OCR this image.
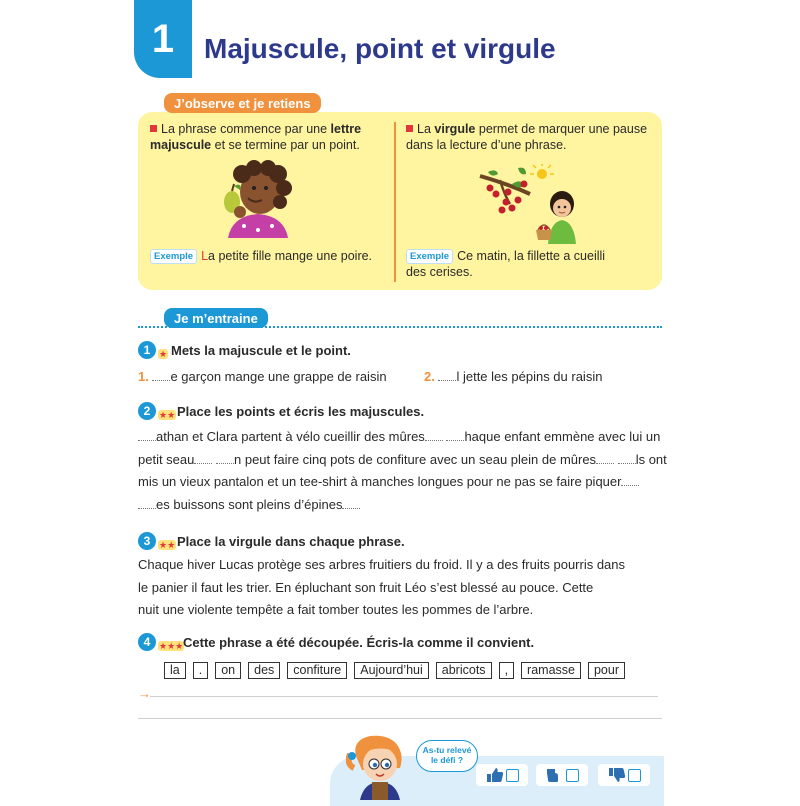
1	Majuscule, point et virgule
J’observe et je retiens
La phrase commence par une lettre majuscule et se termine par un point.
Exemple La petite fille mange une poire.
La virgule permet de marquer une pause dans la lecture d’une phrase.
Exemple Ce matin, la fillette a cueilli
des cerises.
Je m’entraine
1 ★ Mets la majuscule et le point.
1. e garçon mange une grappe de raisin	2. l jette les pépins du raisin
2 ★★ Place les points et écris les majuscules.
athan et Clara partent à vélo cueillir des mûres	haque enfant emmène avec lui un
petit seau	n peut faire cinq pots de confiture avec un seau plein de mûres	ls ont
mis un vieux pantalon et un tee-shirt à manches longues pour ne pas se faire piquer
es buissons sont pleins d’épines
3 ★★ Place la virgule dans chaque phrase.
Chaque hiver Lucas protège ses arbres fruitiers du froid. Il y a des fruits pourris dans
le panier il faut les trier. En épluchant son fruit Léo s’est blessé au pouce. Cette
nuit une violente tempête a fait tomber toutes les pommes de l’arbre.
4 ★★★ Cette phrase a été découpée. Écris-la comme il convient.
la . on des confiture Aujourd’hui abricots , ramasse pour
→
As-tu relevé
le défi ?
